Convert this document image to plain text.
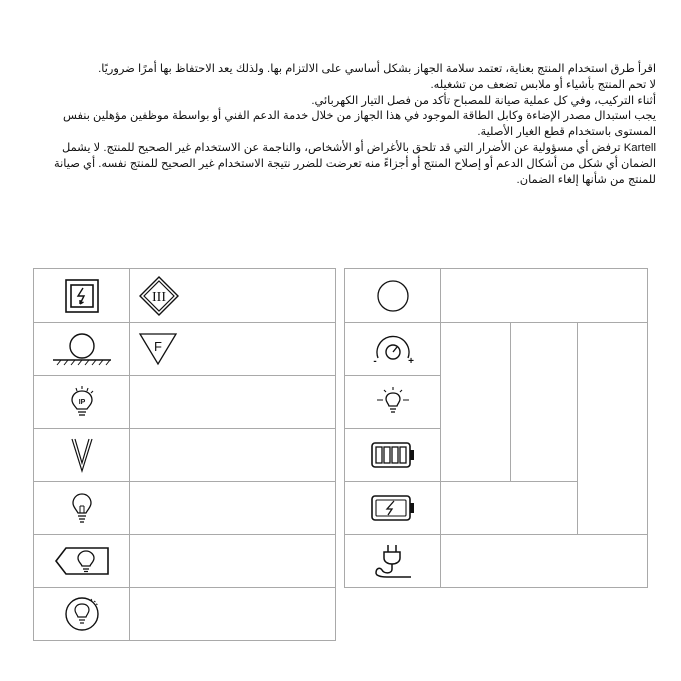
اقرأ طرق استخدام المنتج بعناية، تعتمد سلامة الجهاز بشكل أساسي على الالتزام بها. ولذلك يعد الاحتفاظ بها أمرًا ضروريًا.

لا تحم المنتج بأشياء أو ملابس تضعف من تشغيله.

أثناء التركيب، وفي كل عملية صيانة للمصباح تأكد من فصل التيار الكهربائي.

يجب استبدال مصدر الإضاءة وكابل الطاقة الموجود في هذا الجهاز من خلال خدمة الدعم الفني أو بواسطة موظفين مؤهلين بنفس المستوى باستخدام قطع الغيار الأصلية.

Kartell ترفض أي مسؤولية عن الأضرار التي قد تلحق بالأغراض أو الأشخاص، والناجمة عن الاستخدام غير الصحيح للمنتج. لا يشمل الضمان أي شكل من أشكال الدعم أو إصلاح المنتج أو أجزاءً منه تعرضت للضرر نتيجة الاستخدام غير الصحيح للمنتج نفسه. أي صيانة للمنتج من شأنها إلغاء الضمان.

III

F

IP	

- +			
